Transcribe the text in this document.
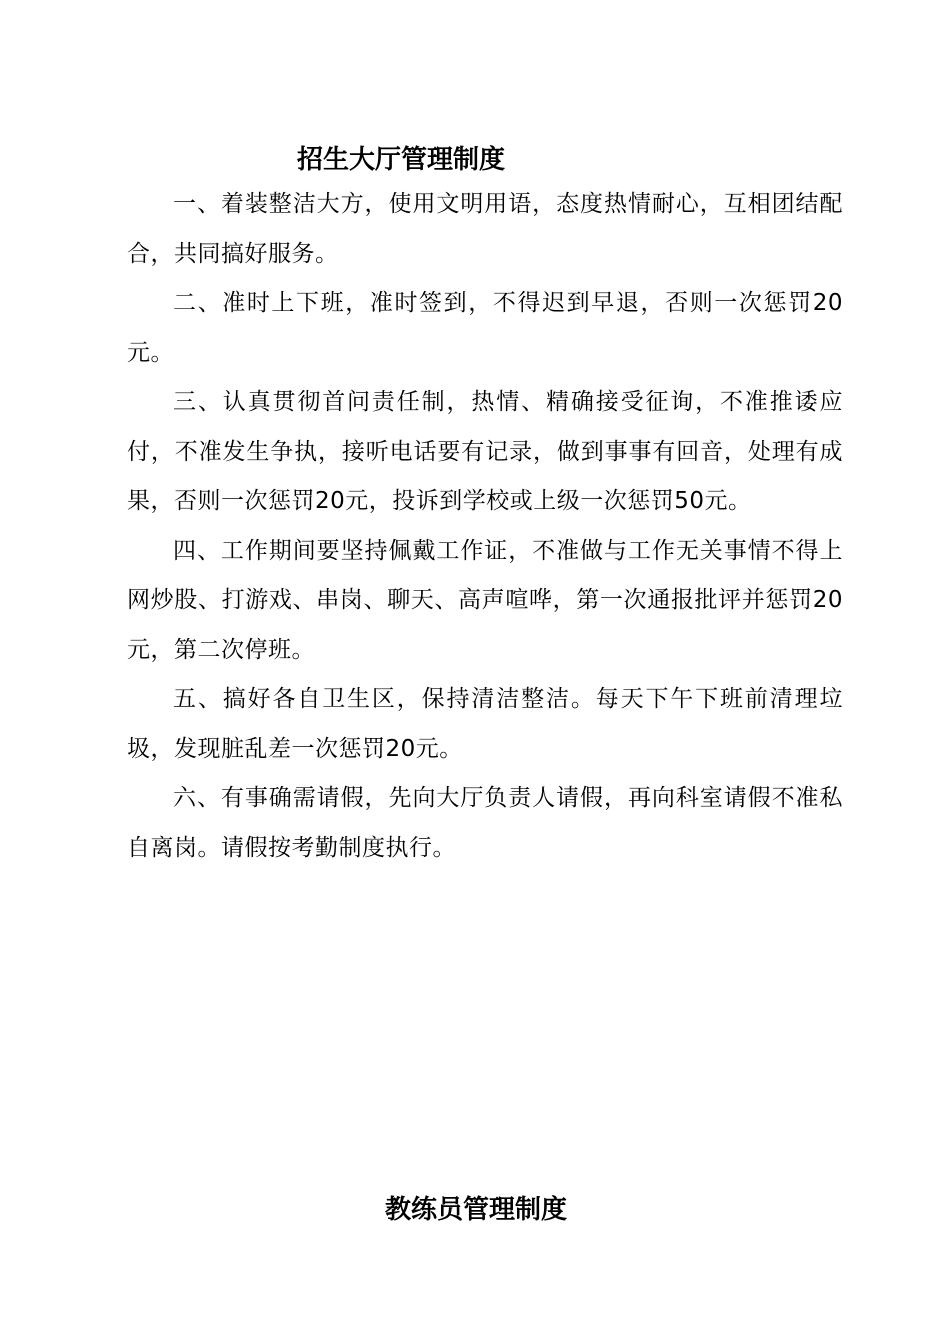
招生大厅管理制度

一、着装整洁大方，使用文明用语，态度热情耐心，互相团结配合，共同搞好服务。

二、准时上下班，准时签到，不得迟到早退，否则一次惩罚20元。

三、认真贯彻首问责任制，热情、精确接受征询，不准推诿应付，不准发生争执，接听电话要有记录，做到事事有回音，处理有成果，否则一次惩罚20元，投诉到学校或上级一次惩罚50元。

四、工作期间要坚持佩戴工作证，不准做与工作无关事情不得上网炒股、打游戏、串岗、聊天、高声喧哗，第一次通报批评并惩罚20元，第二次停班。

五、搞好各自卫生区，保持清洁整洁。每天下午下班前清理垃圾，发现脏乱差一次惩罚20元。

六、有事确需请假，先向大厅负责人请假，再向科室请假不准私自离岗。请假按考勤制度执行。

教练员管理制度
